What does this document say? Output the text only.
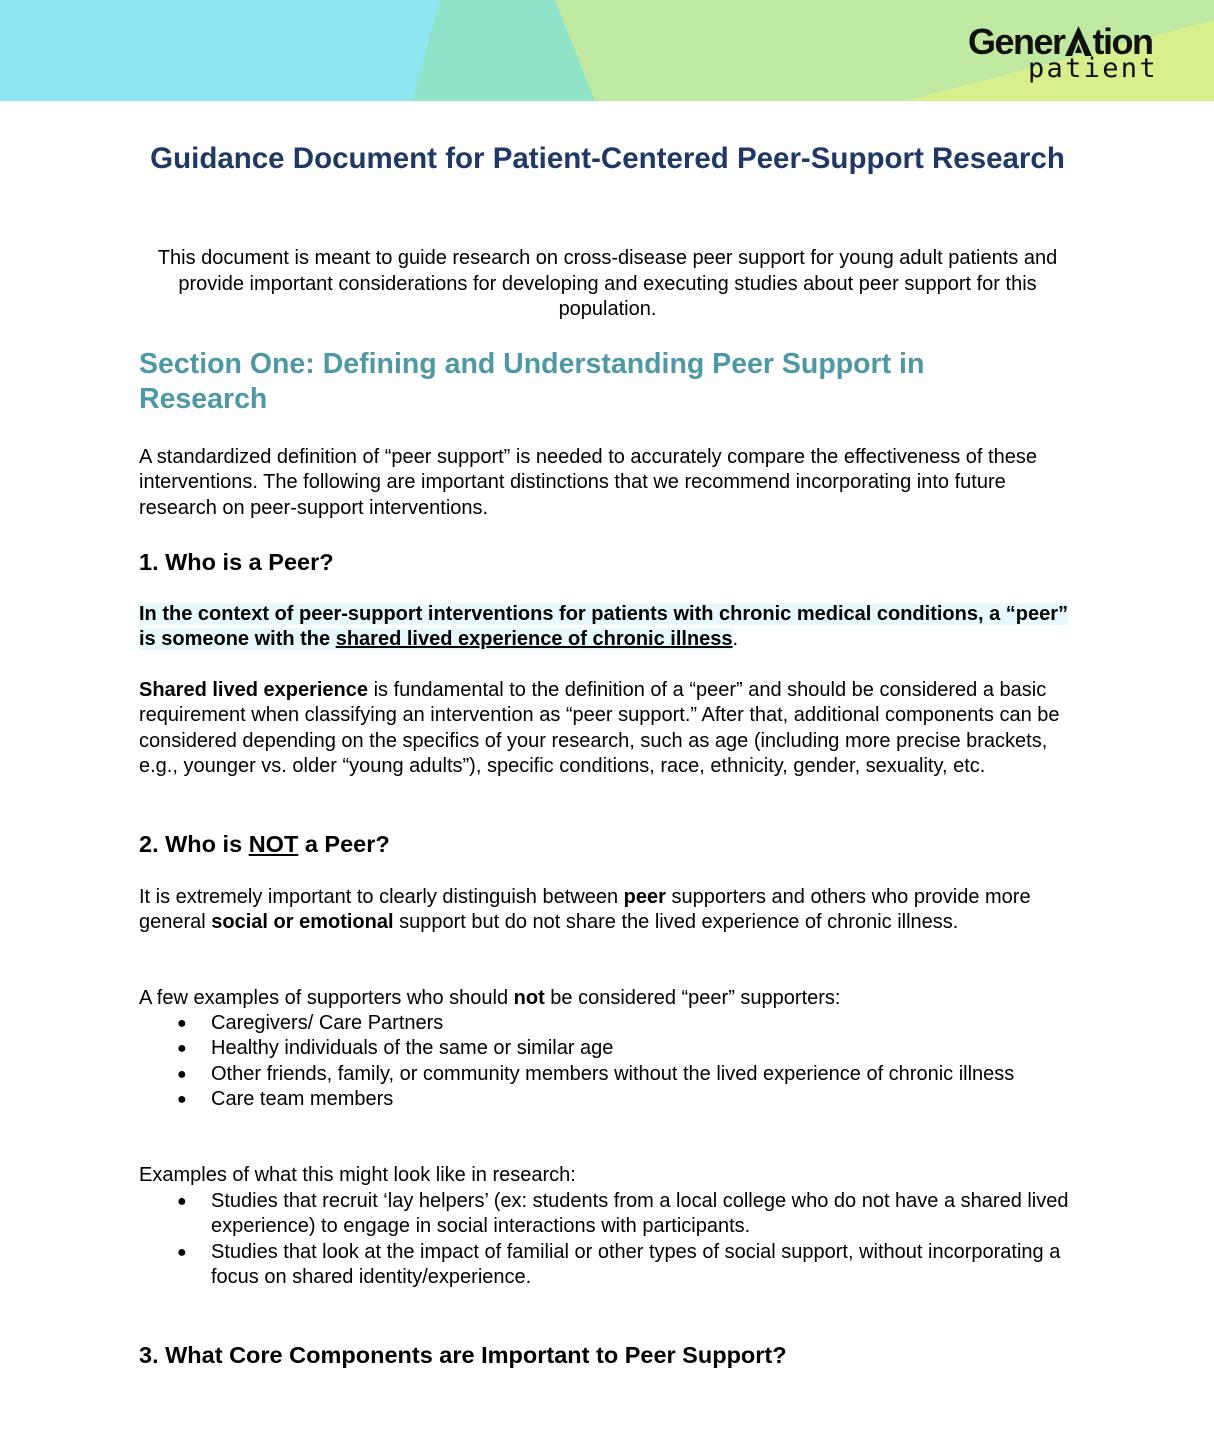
Gener tion
patient
Guidance Document for Patient-Centered Peer-Support Research

This document is meant to guide research on cross-disease peer support for young adult patients and provide important considerations for developing and executing studies about peer support for this population.

Section One: Defining and Understanding Peer Support in Research

A standardized definition of “peer support” is needed to accurately compare the effectiveness of these interventions. The following are important distinctions that we recommend incorporating into future research on peer-support interventions.

1. Who is a Peer?

In the context of peer-support interventions for patients with chronic medical conditions, a “peer” is someone with the shared lived experience of chronic illness.

Shared lived experience is fundamental to the definition of a “peer” and should be considered a basic requirement when classifying an intervention as “peer support.” After that, additional components can be considered depending on the specifics of your research, such as age (including more precise brackets, e.g., younger vs. older “young adults”), specific conditions, race, ethnicity, gender, sexuality, etc.

2. Who is NOT a Peer?

It is extremely important to clearly distinguish between peer supporters and others who provide more general social or emotional support but do not share the lived experience of chronic illness.

A few examples of supporters who should not be considered “peer” supporters:

● Caregivers/ Care Partners
● Healthy individuals of the same or similar age
● Other friends, family, or community members without the lived experience of chronic illness
● Care team members

Examples of what this might look like in research:

● Studies that recruit ‘lay helpers’ (ex: students from a local college who do not have a shared lived experience) to engage in social interactions with participants.
● Studies that look at the impact of familial or other types of social support, without incorporating a focus on shared identity/experience.
3. What Core Components are Important to Peer Support?
